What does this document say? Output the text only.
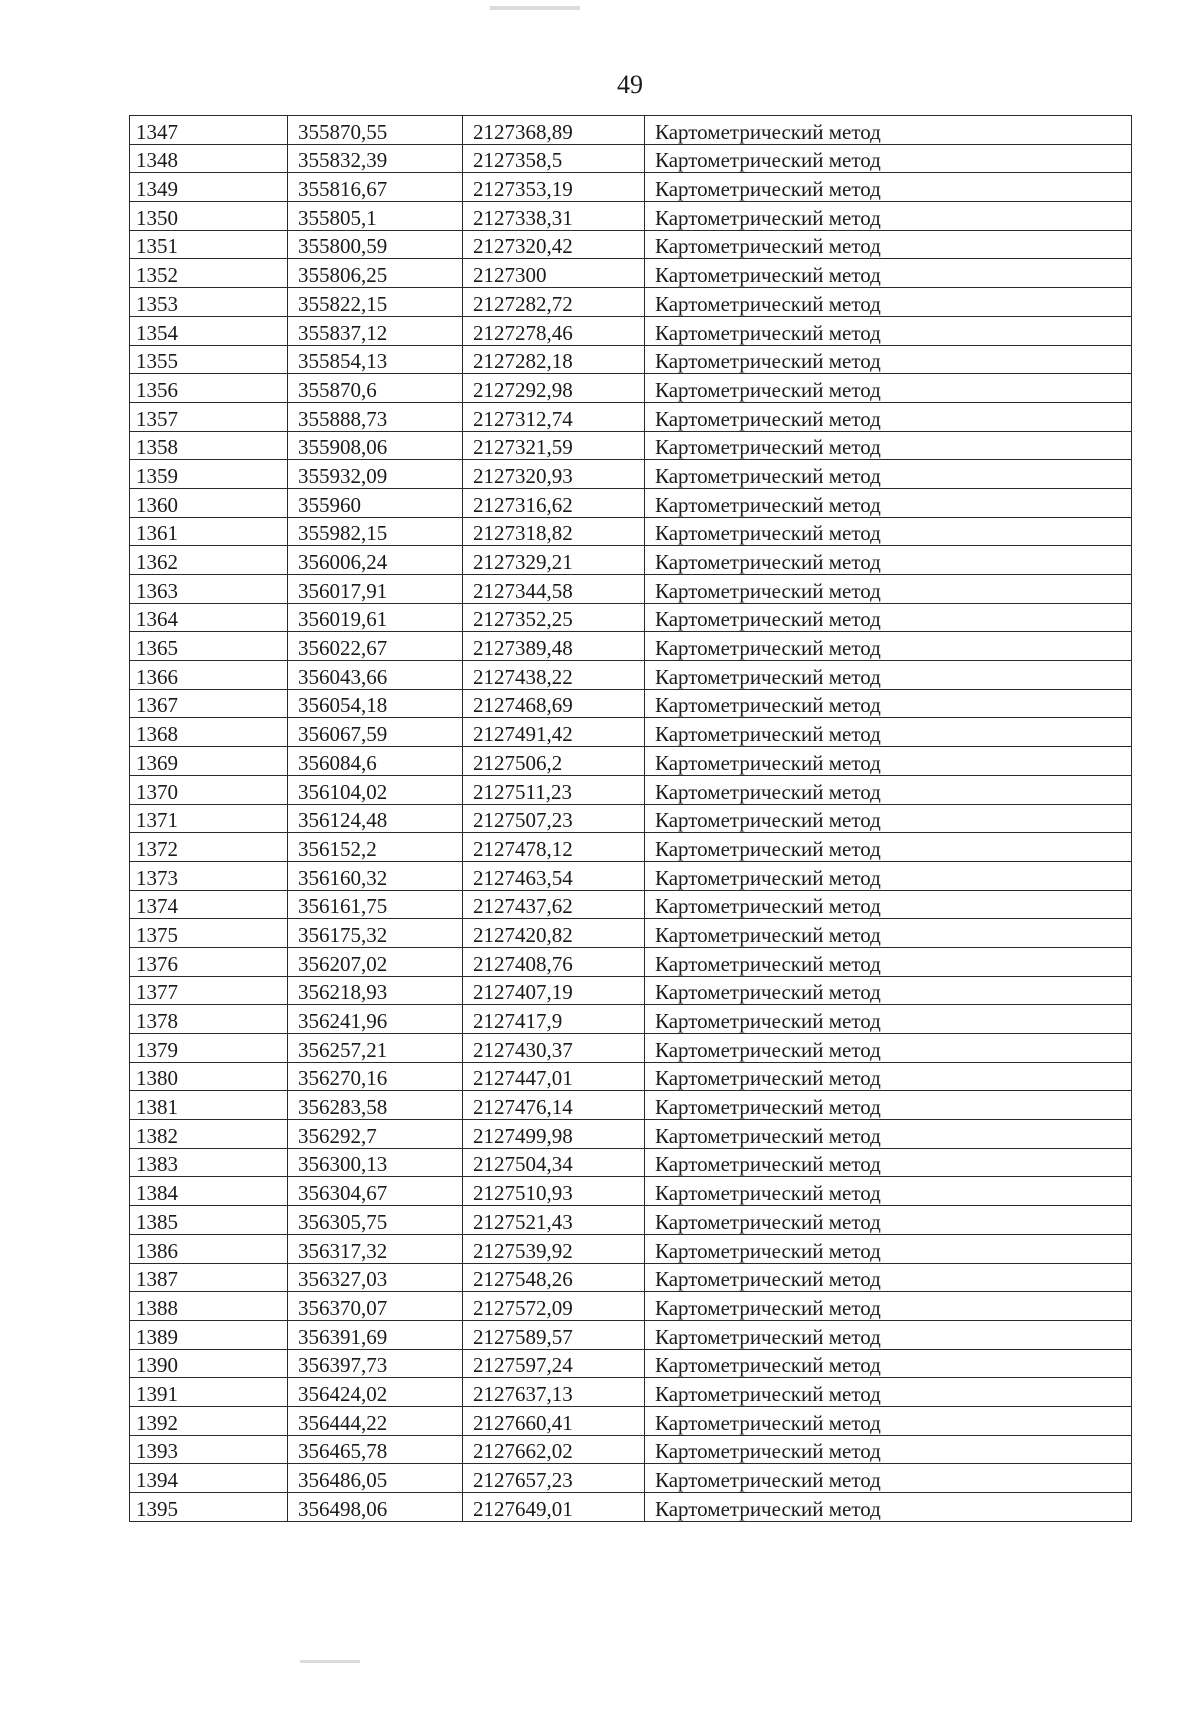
49
1347	355870,55	2127368,89	Картометрический метод
1348	355832,39	2127358,5	Картометрический метод
1349	355816,67	2127353,19	Картометрический метод
1350	355805,1	2127338,31	Картометрический метод
1351	355800,59	2127320,42	Картометрический метод
1352	355806,25	2127300	Картометрический метод
1353	355822,15	2127282,72	Картометрический метод
1354	355837,12	2127278,46	Картометрический метод
1355	355854,13	2127282,18	Картометрический метод
1356	355870,6	2127292,98	Картометрический метод
1357	355888,73	2127312,74	Картометрический метод
1358	355908,06	2127321,59	Картометрический метод
1359	355932,09	2127320,93	Картометрический метод
1360	355960	2127316,62	Картометрический метод
1361	355982,15	2127318,82	Картометрический метод
1362	356006,24	2127329,21	Картометрический метод
1363	356017,91	2127344,58	Картометрический метод
1364	356019,61	2127352,25	Картометрический метод
1365	356022,67	2127389,48	Картометрический метод
1366	356043,66	2127438,22	Картометрический метод
1367	356054,18	2127468,69	Картометрический метод
1368	356067,59	2127491,42	Картометрический метод
1369	356084,6	2127506,2	Картометрический метод
1370	356104,02	2127511,23	Картометрический метод
1371	356124,48	2127507,23	Картометрический метод
1372	356152,2	2127478,12	Картометрический метод
1373	356160,32	2127463,54	Картометрический метод
1374	356161,75	2127437,62	Картометрический метод
1375	356175,32	2127420,82	Картометрический метод
1376	356207,02	2127408,76	Картометрический метод
1377	356218,93	2127407,19	Картометрический метод
1378	356241,96	2127417,9	Картометрический метод
1379	356257,21	2127430,37	Картометрический метод
1380	356270,16	2127447,01	Картометрический метод
1381	356283,58	2127476,14	Картометрический метод
1382	356292,7	2127499,98	Картометрический метод
1383	356300,13	2127504,34	Картометрический метод
1384	356304,67	2127510,93	Картометрический метод
1385	356305,75	2127521,43	Картометрический метод
1386	356317,32	2127539,92	Картометрический метод
1387	356327,03	2127548,26	Картометрический метод
1388	356370,07	2127572,09	Картометрический метод
1389	356391,69	2127589,57	Картометрический метод
1390	356397,73	2127597,24	Картометрический метод
1391	356424,02	2127637,13	Картометрический метод
1392	356444,22	2127660,41	Картометрический метод
1393	356465,78	2127662,02	Картометрический метод
1394	356486,05	2127657,23	Картометрический метод
1395	356498,06	2127649,01	Картометрический метод
